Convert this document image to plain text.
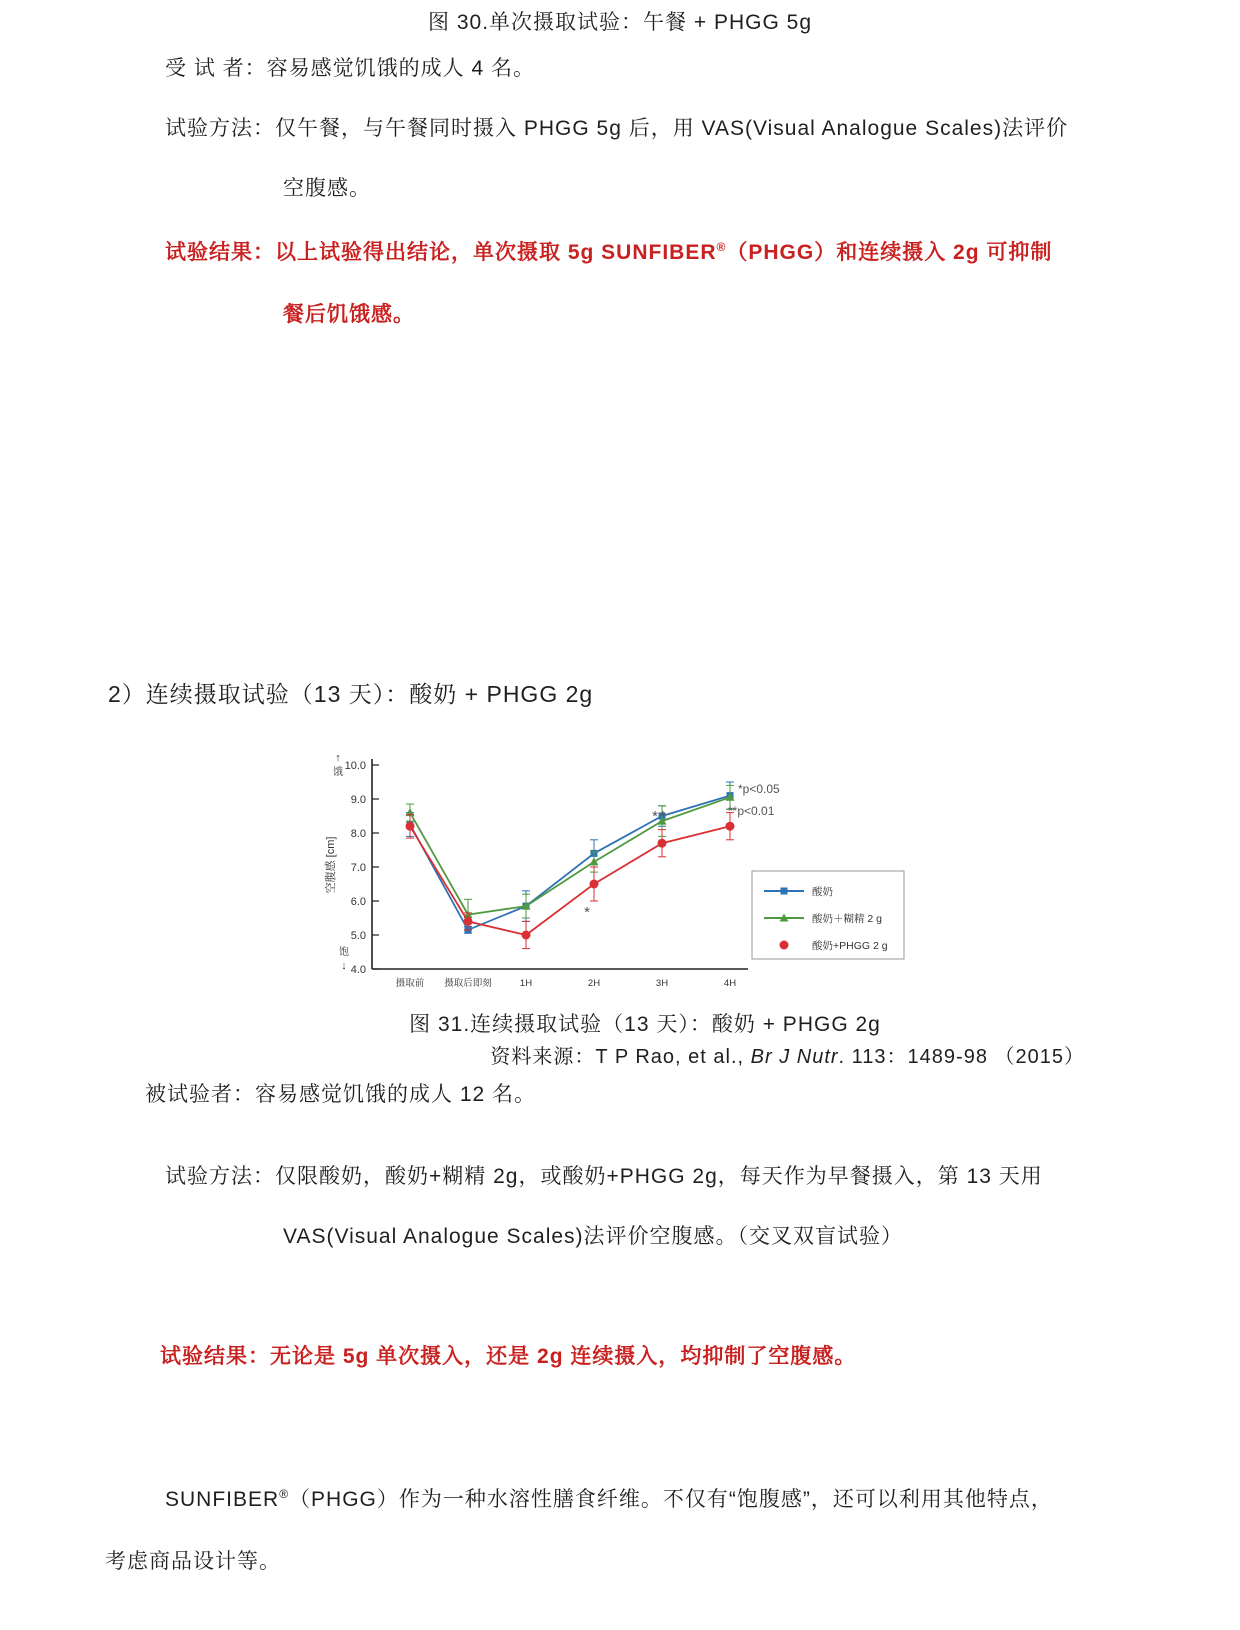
图 30.单次摄取试验：午餐 + PHGG 5g
受 试 者：容易感觉饥饿的成人 4 名。
试验方法：仅午餐，与午餐同时摄入 PHGG 5g 后，用 VAS(Visual Analogue Scales)法评价
空腹感。
试验结果：以上试验得出结论，单次摄取 5g SUNFIBER®（PHGG）和连续摄入 2g 可抑制
餐后饥饿感。
2）连续摄取试验（13 天）：酸奶 + PHGG 2g
4.0
5.0
6.0
7.0
8.0
9.0
10.0
摄取前 摄取后即刻	1H	2H	3H	4H
空腹感 [cm]
↑
饿
饱
↓
*
**
*p<0.05
**p<0.01
酸奶
酸奶＋糊精 2 g
酸奶+PHGG 2 g
图 31.连续摄取试验（13 天）：酸奶 + PHGG 2g
资料来源：T P Rao, et al., Br J Nutr. 113：1489-98 （2015）
被试验者：容易感觉饥饿的成人 12 名。
试验方法：仅限酸奶，酸奶+糊精 2g，或酸奶+PHGG 2g，每天作为早餐摄入，第 13 天用
VAS(Visual Analogue Scales)法评价空腹感。（交叉双盲试验）
试验结果：无论是 5g 单次摄入，还是 2g 连续摄入，均抑制了空腹感。
SUNFIBER®（PHGG）作为一种水溶性膳食纤维。不仅有“饱腹感”，还可以利用其他特点，
考虑商品设计等。
